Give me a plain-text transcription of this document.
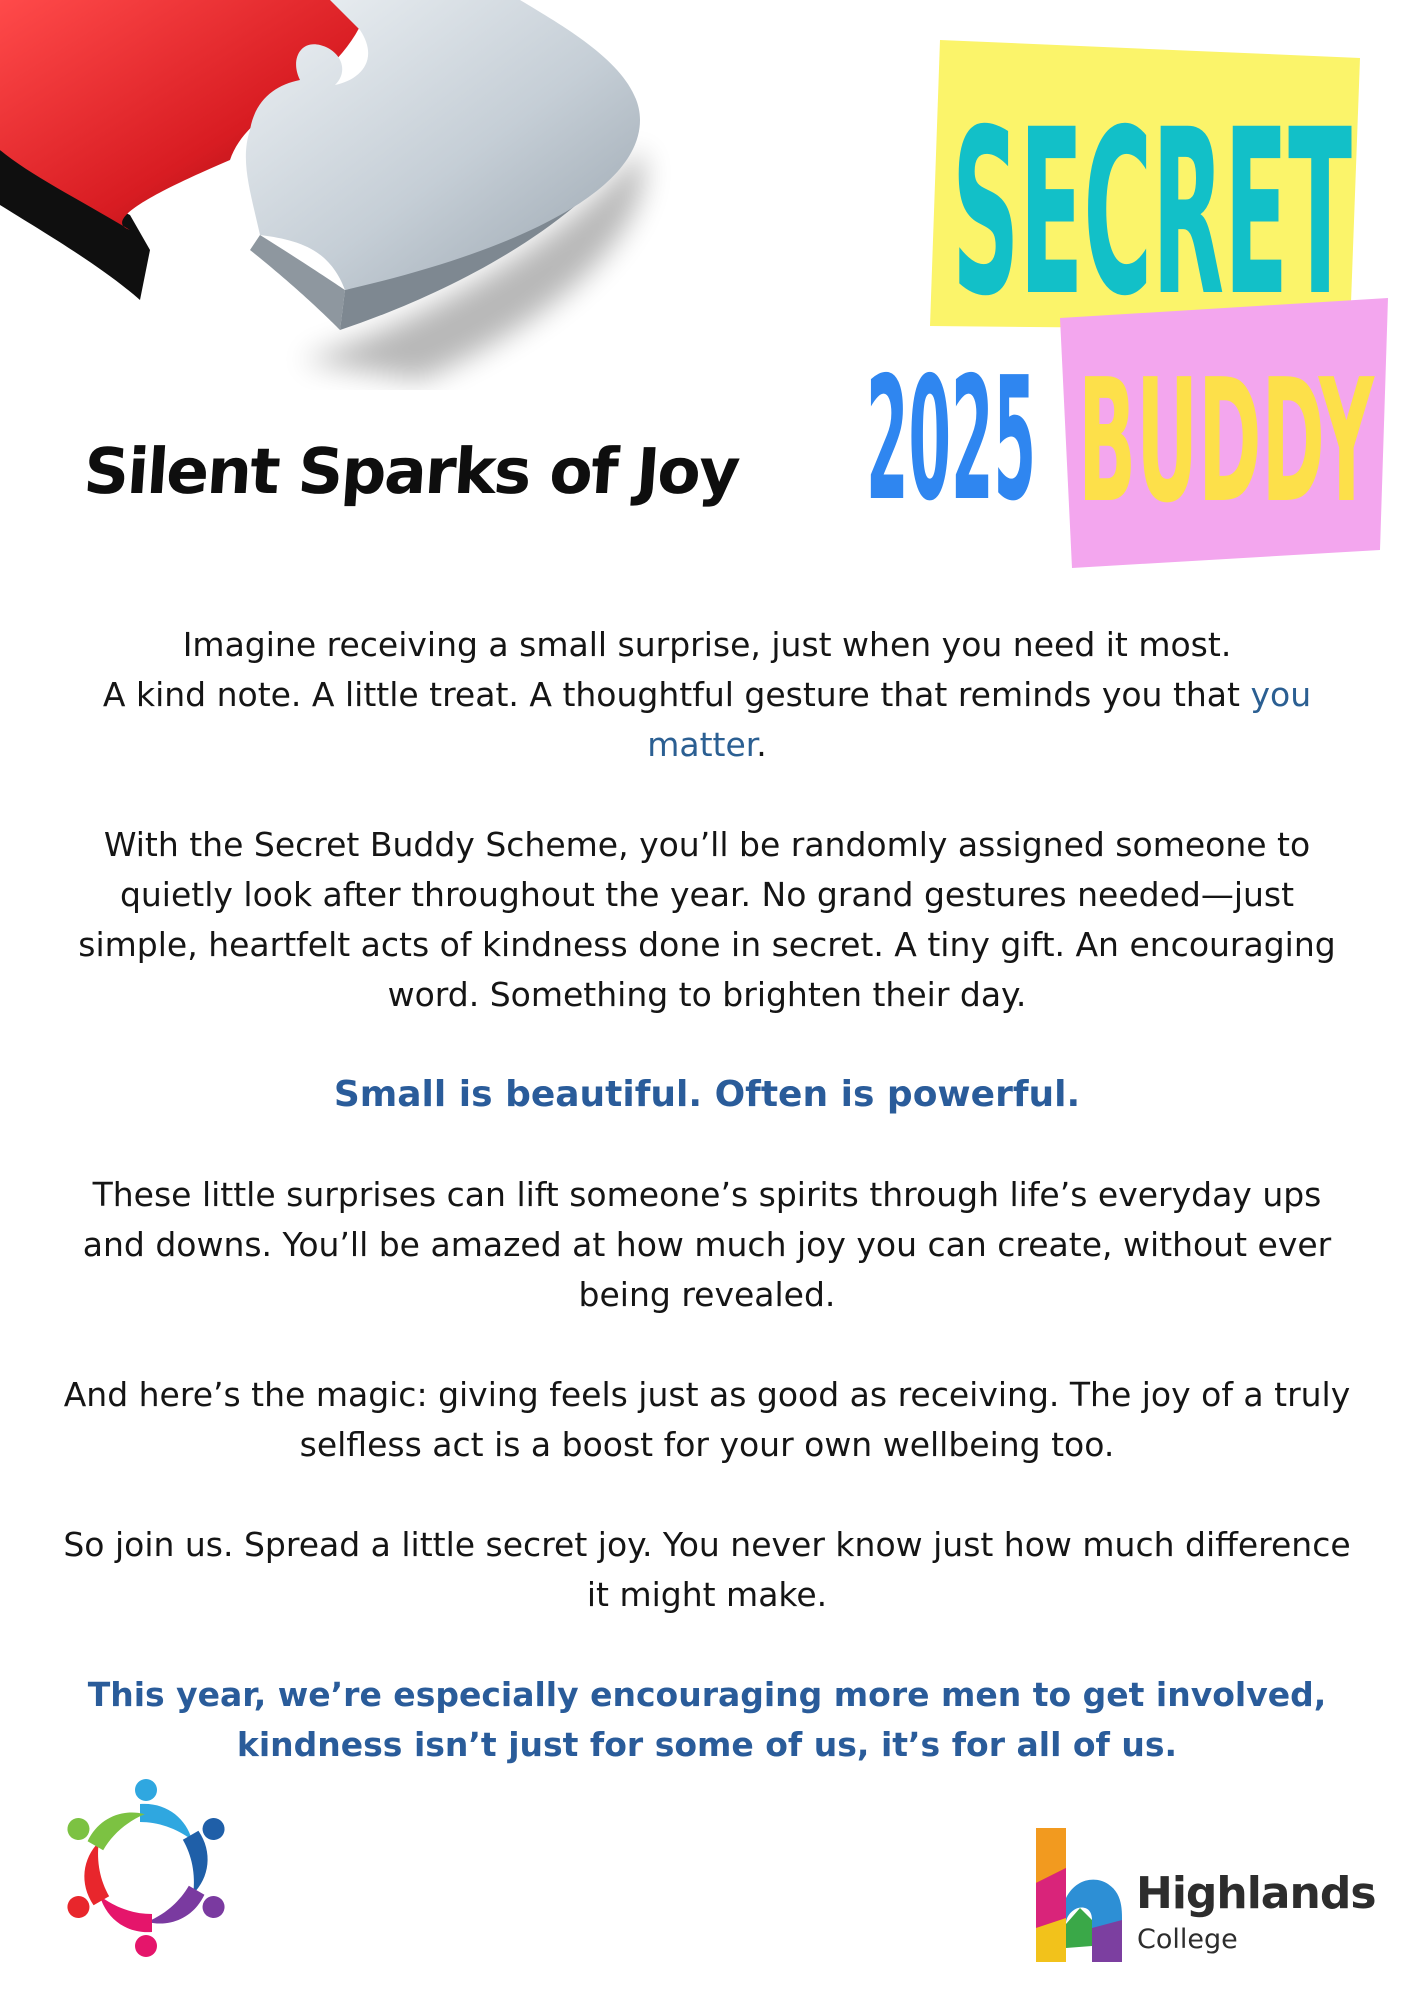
SECRET
2025 BUDDY
Silent Sparks of Joy

Imagine receiving a small surprise, just when you need it most.
A kind note. A little treat. A thoughtful gesture that reminds you that you matter.

With the Secret Buddy Scheme, you’ll be randomly assigned someone to quietly look after throughout the year. No grand gestures needed—just simple, heartfelt acts of kindness done in secret. A tiny gift. An encouraging word. Something to brighten their day.

Small is beautiful. Often is powerful.

These little surprises can lift someone’s spirits through life’s everyday ups and downs. You’ll be amazed at how much joy you can create, without ever being revealed.

And here’s the magic: giving feels just as good as receiving. The joy of a truly selfless act is a boost for your own wellbeing too.

So join us. Spread a little secret joy. You never know just how much difference it might make.

This year, we’re especially encouraging more men to get involved, kindness isn’t just for some of us, it’s for all of us.

Highlands
College
